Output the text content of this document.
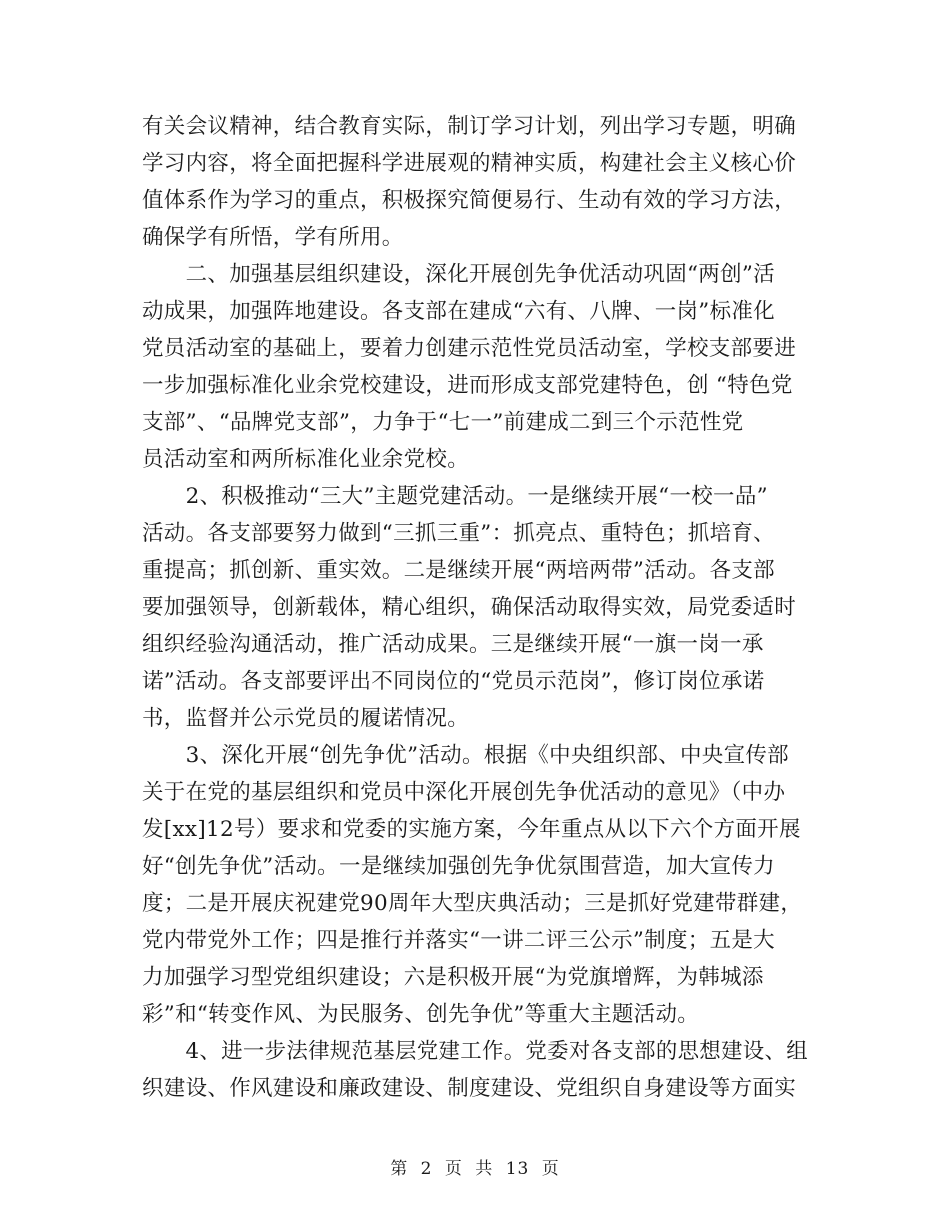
有关会议精神，结合教育实际，制订学习计划，列出学习专题，明确
学习内容，将全面把握科学进展观的精神实质，构建社会主义核心价
值体系作为学习的重点，积极探究简便易行、生动有效的学习方法，
确保学有所悟，学有所用。
　　二、加强基层组织建设，深化开展创先争优活动巩固“两创”活
动成果，加强阵地建设。各支部在建成“六有、八牌、一岗”标准化
党员活动室的基础上，要着力创建示范性党员活动室，学校支部要进
一步加强标准化业余党校建设，进而形成支部党建特色，创 “特色党
支部”、“品牌党支部”，力争于“七一”前建成二到三个示范性党
员活动室和两所标准化业余党校。
　　2、积极推动“三大”主题党建活动。一是继续开展“一校一品”
活动。各支部要努力做到“三抓三重”：抓亮点、重特色；抓培育、
重提高；抓创新、重实效。二是继续开展“两培两带”活动。各支部
要加强领导，创新载体，精心组织，确保活动取得实效，局党委适时
组织经验沟通活动，推广活动成果。三是继续开展“一旗一岗一承
诺”活动。各支部要评出不同岗位的“党员示范岗”，修订岗位承诺
书，监督并公示党员的履诺情况。
　　3、深化开展“创先争优”活动。根据《中央组织部、中央宣传部
关于在党的基层组织和党员中深化开展创先争优活动的意见》（中办
发[xx]12号）要求和党委的实施方案，今年重点从以下六个方面开展
好“创先争优”活动。一是继续加强创先争优氛围营造，加大宣传力
度；二是开展庆祝建党90周年大型庆典活动；三是抓好党建带群建，
党内带党外工作；四是推行并落实“一讲二评三公示”制度；五是大
力加强学习型党组织建设；六是积极开展“为党旗增辉，为韩城添
彩”和“转变作风、为民服务、创先争优”等重大主题活动。
　　4、进一步法律规范基层党建工作。党委对各支部的思想建设、组
织建设、作风建设和廉政建设、制度建设、党组织自身建设等方面实
第 2 页 共 13 页
